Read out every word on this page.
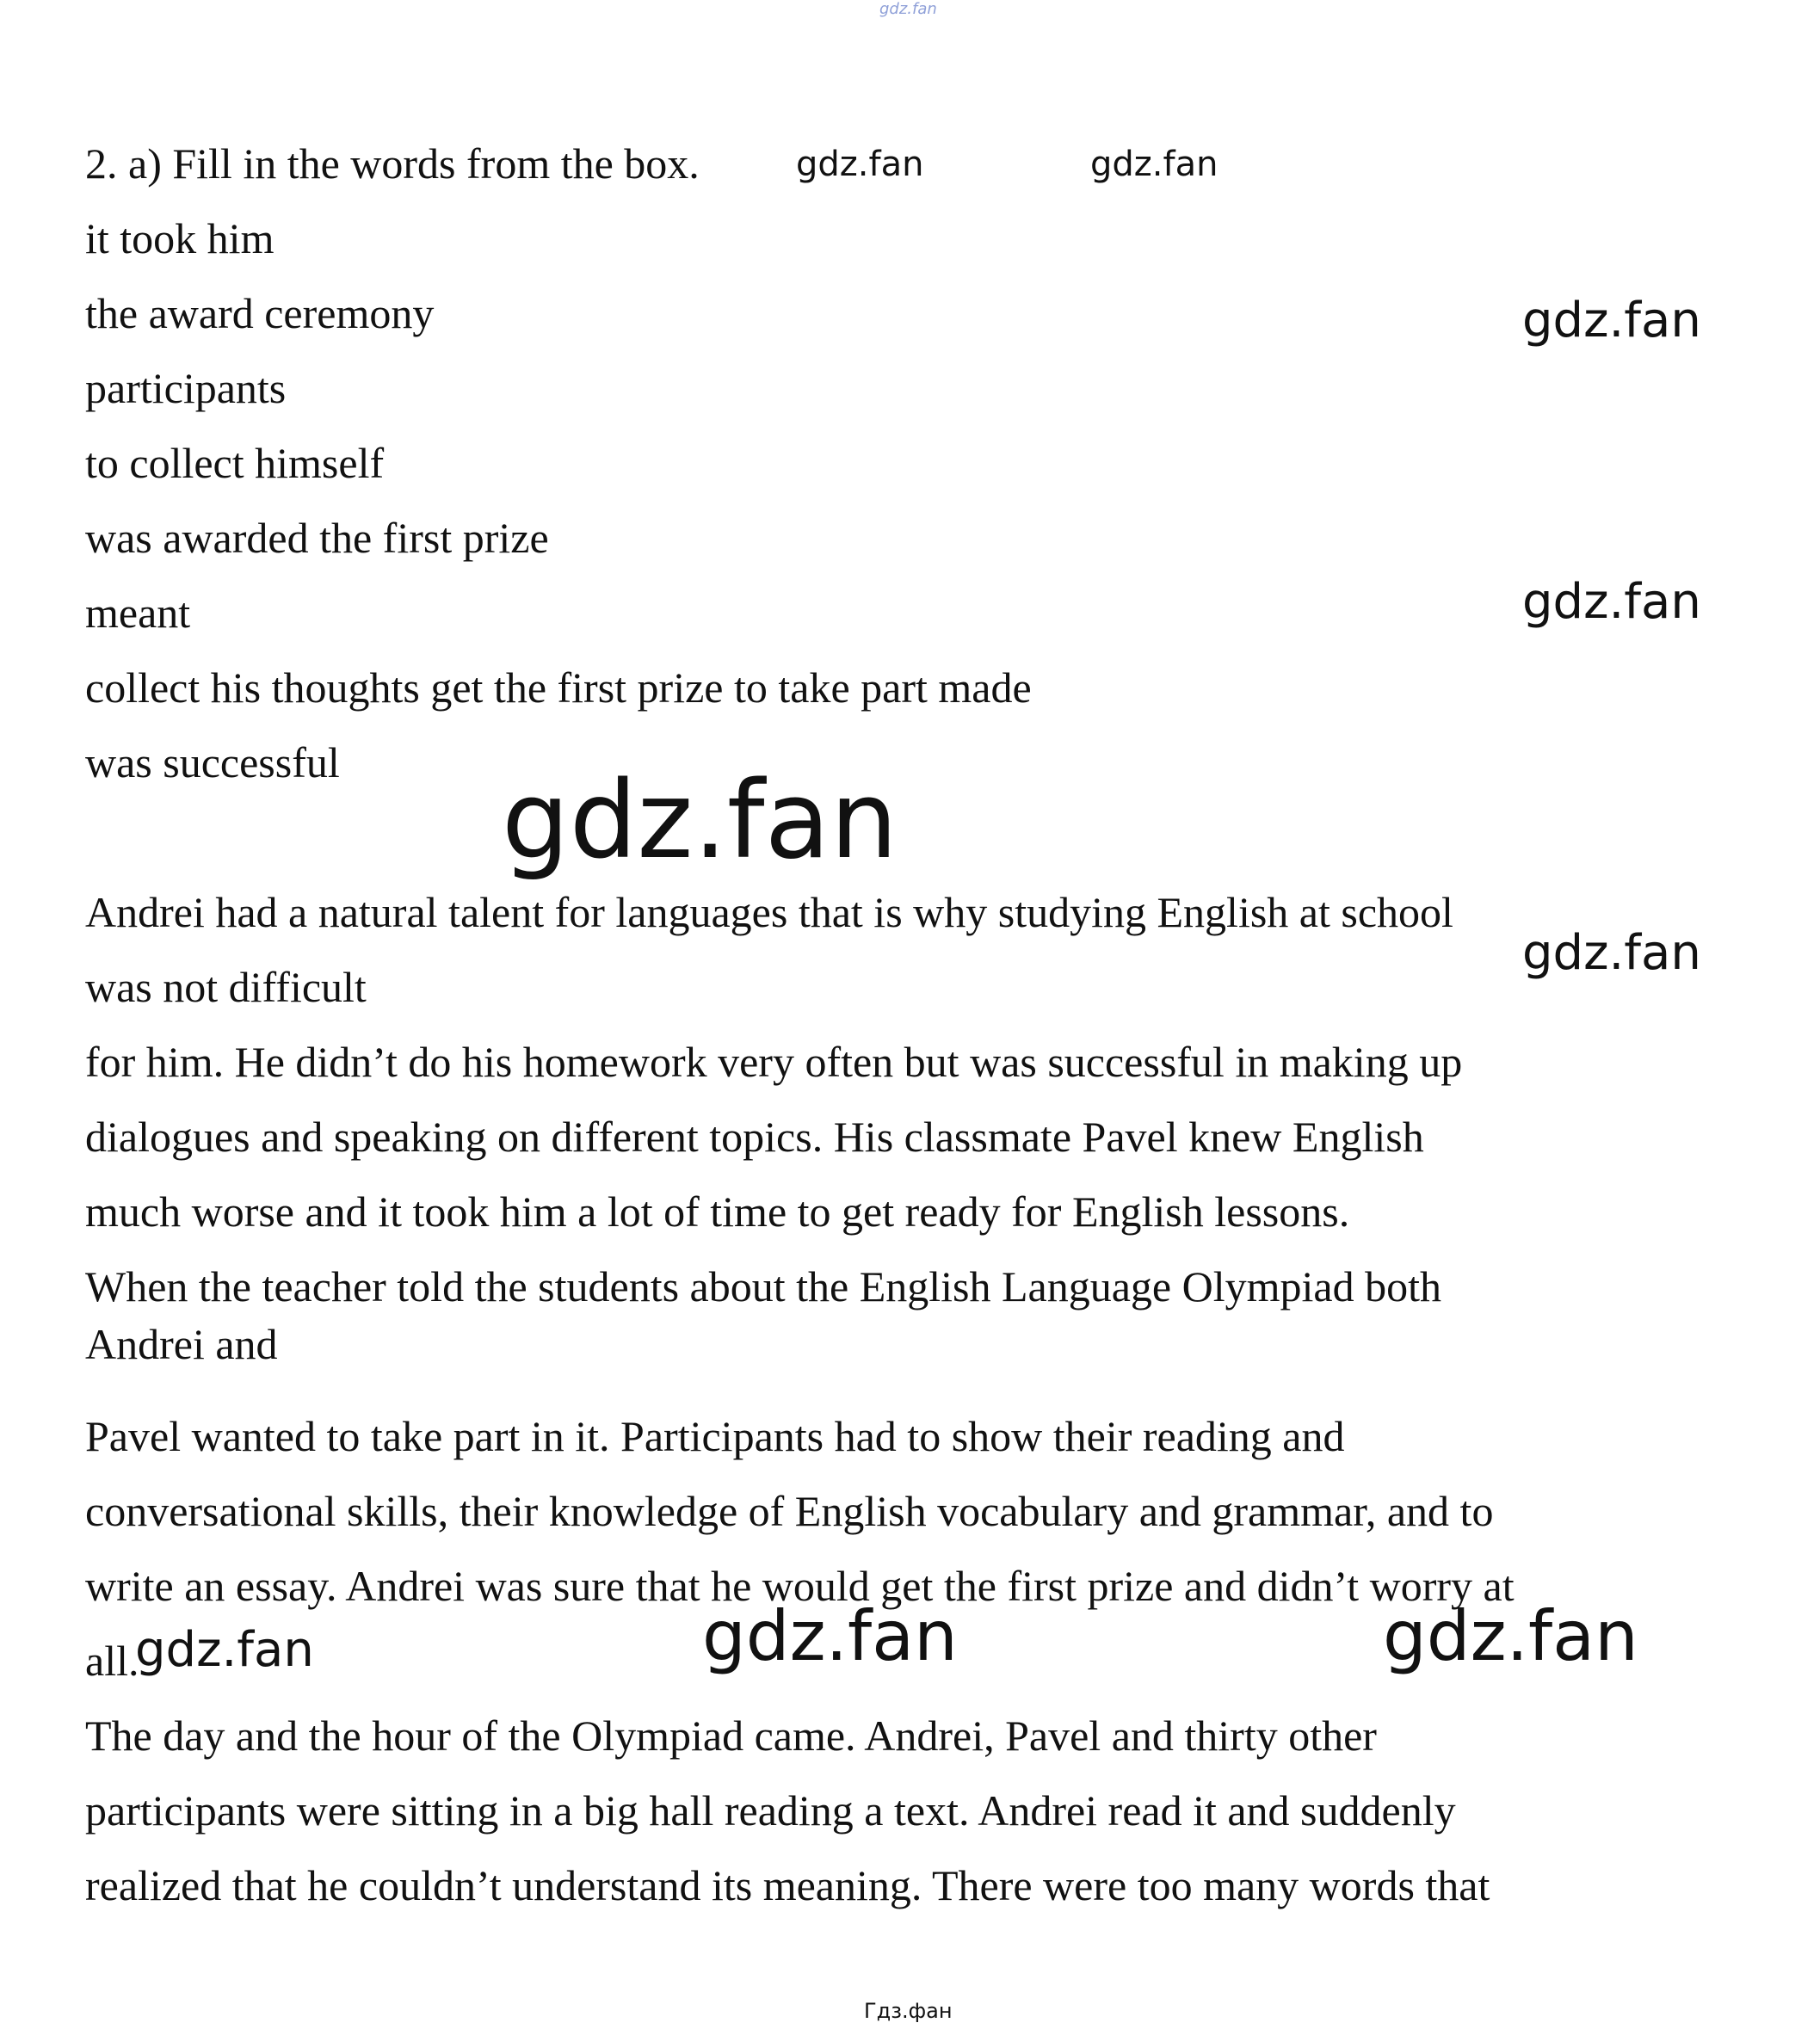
gdz.fan
2. a) Fill in the words from the box.
it took him
the award ceremony
participants
to collect himself
was awarded the first prize
meant
collect his thoughts get the first prize to take part made
was successful
Andrei had a natural talent for languages that is why studying English at school
was not difficult
for him. He didn’t do his homework very often but was successful in making up
dialogues and speaking on different topics. His classmate Pavel knew English
much worse and it took him a lot of time to get ready for English lessons.
When the teacher told the students about the English Language Olympiad both
Andrei and
Pavel wanted to take part in it. Participants had to show their reading and
conversational skills, their knowledge of English vocabulary and grammar, and to
write an essay. Andrei was sure that he would get the first prize and didn’t worry at
all.
The day and the hour of the Olympiad came. Andrei, Pavel and thirty other
participants were sitting in a big hall reading a text. Andrei read it and suddenly
realized that he couldn’t understand its meaning. There were too many words that
gdz.fan	gdz.fan
gdz.fan
gdz.fan
gdz.fan
gdz.fan
gdz.fan	gdz.fan	gdz.fan
Гдз.фан
